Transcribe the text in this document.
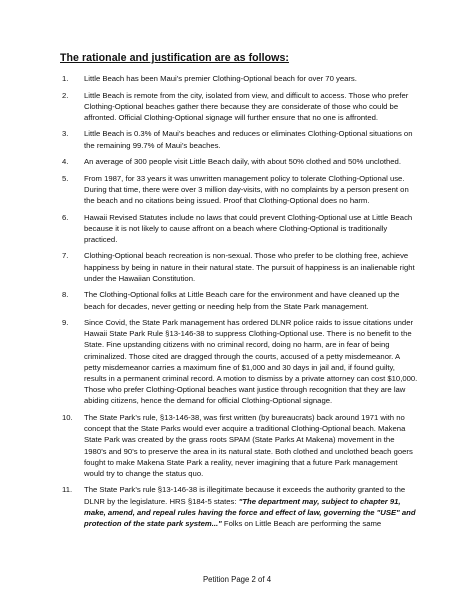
The rationale and justification are as follows:
1. Little Beach has been Maui’s premier Clothing-Optional beach for over 70 years.
2. Little Beach is remote from the city, isolated from view, and difficult to access. Those who prefer Clothing-Optional beaches gather there because they are considerate of those who could be affronted. Official Clothing-Optional signage will further ensure that no one is affronted.
3. Little Beach is 0.3% of Maui’s beaches and reduces or eliminates Clothing-Optional situations on the remaining 99.7% of Maui’s beaches.
4. An average of 300 people visit Little Beach daily, with about 50% clothed and 50% unclothed.
5. From 1987, for 33 years it was unwritten management policy to tolerate Clothing-Optional use. During that time, there were over 3 million day-visits, with no complaints by a person present on the beach and no citations being issued. Proof that Clothing-Optional does no harm.
6. Hawaii Revised Statutes include no laws that could prevent Clothing-Optional use at Little Beach because it is not likely to cause affront on a beach where Clothing-Optional is traditionally practiced.
7. Clothing-Optional beach recreation is non-sexual. Those who prefer to be clothing free, achieve happiness by being in nature in their natural state. The pursuit of happiness is an inalienable right under the Hawaiian Constitution.
8. The Clothing-Optional folks at Little Beach care for the environment and have cleaned up the beach for decades, never getting or needing help from the State Park management.
9. Since Covid, the State Park management has ordered DLNR police raids to issue citations under Hawaii State Park Rule §13-146-38 to suppress Clothing-Optional use. There is no benefit to the State. Fine upstanding citizens with no criminal record, doing no harm, are in fear of being criminalized. Those cited are dragged through the courts, accused of a petty misdemeanor. A petty misdemeanor carries a maximum fine of $1,000 and 30 days in jail and, if found guilty, results in a permanent criminal record. A motion to dismiss by a private attorney can cost $10,000. Those who prefer Clothing-Optional beaches want justice through recognition that they are law abiding citizens, hence the demand for official Clothing-Optional signage.
10. The State Park’s rule, §13-146-38, was first written (by bureaucrats) back around 1971 with no concept that the State Parks would ever acquire a traditional Clothing-Optional beach. Makena State Park was created by the grass roots SPAM (State Parks At Makena) movement in the 1980’s and 90’s to preserve the area in its natural state. Both clothed and unclothed beach goers fought to make Makena State Park a reality, never imagining that a future Park management would try to change the status quo.
11. The State Park’s rule §13-146-38 is illegitimate because it exceeds the authority granted to the DLNR by the legislature. HRS §184-5 states: "The department may, subject to chapter 91, make, amend, and repeal rules having the force and effect of law, governing the "USE" and protection of the state park system..." Folks on Little Beach are performing the same
Petition Page 2 of 4
